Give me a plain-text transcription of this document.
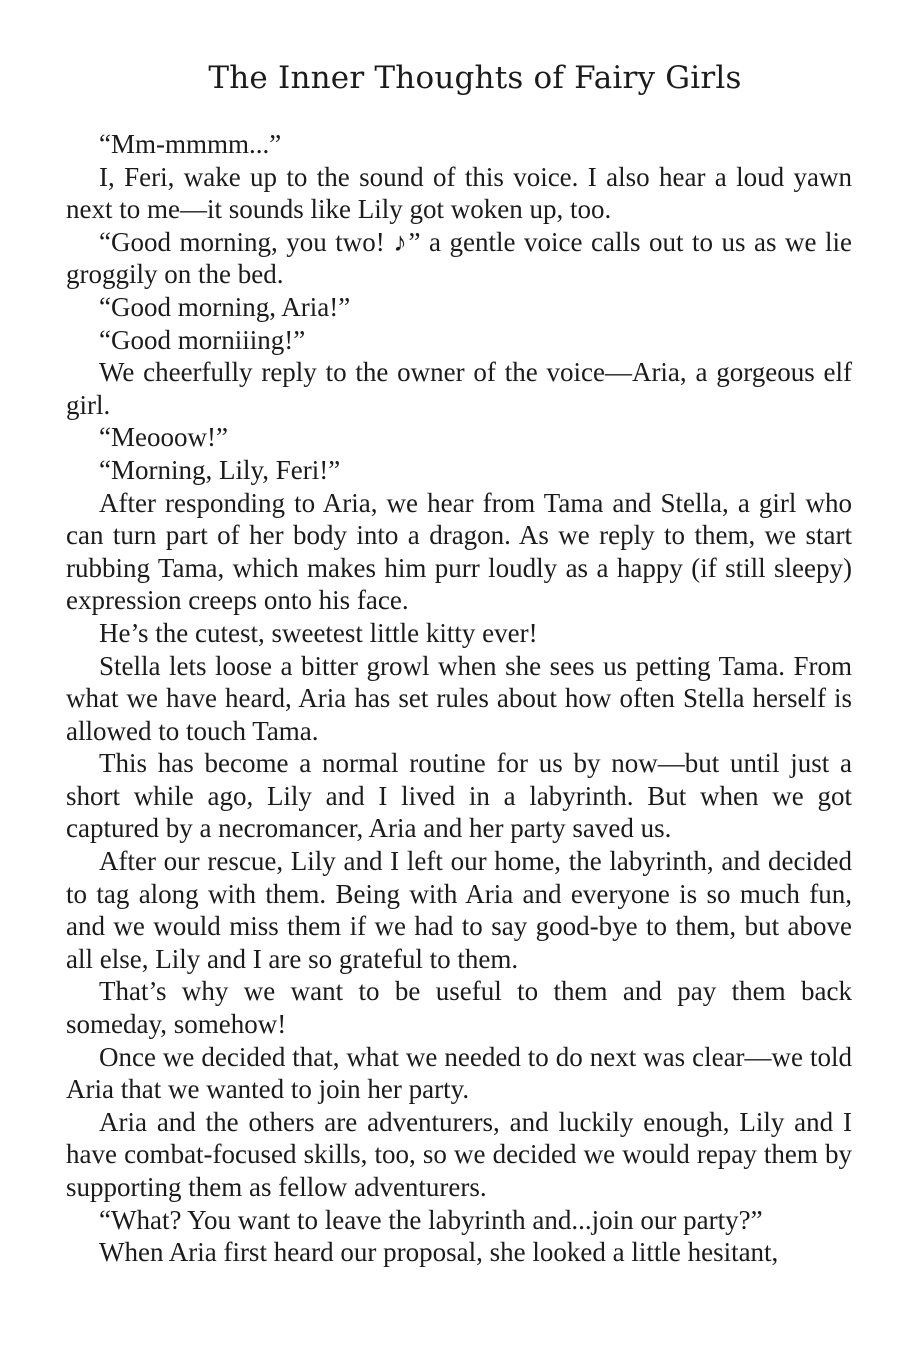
The Inner Thoughts of Fairy Girls

“Mm-mmmm...”

I, Feri, wake up to the sound of this voice. I also hear a loud yawn next to me—it sounds like Lily got woken up, too.

“Good morning, you two! ♪” a gentle voice calls out to us as we lie groggily on the bed.

“Good morning, Aria!”

“Good morniiing!”

We cheerfully reply to the owner of the voice—Aria, a gorgeous elf girl.

“Meooow!”

“Morning, Lily, Feri!”

After responding to Aria, we hear from Tama and Stella, a girl who can turn part of her body into a dragon. As we reply to them, we start rubbing Tama, which makes him purr loudly as a happy (if still sleepy) expression creeps onto his face.

He’s the cutest, sweetest little kitty ever!

Stella lets loose a bitter growl when she sees us petting Tama. From what we have heard, Aria has set rules about how often Stella herself is allowed to touch Tama.

This has become a normal routine for us by now—but until just a short while ago, Lily and I lived in a labyrinth. But when we got captured by a necromancer, Aria and her party saved us.

After our rescue, Lily and I left our home, the labyrinth, and decided to tag along with them. Being with Aria and everyone is so much fun, and we would miss them if we had to say good-bye to them, but above all else, Lily and I are so grateful to them.

That’s why we want to be useful to them and pay them back someday, somehow!

Once we decided that, what we needed to do next was clear—we told Aria that we wanted to join her party.

Aria and the others are adventurers, and luckily enough, Lily and I have combat-focused skills, too, so we decided we would repay them by supporting them as fellow adventurers.

“What? You want to leave the labyrinth and...join our party?”

When Aria first heard our proposal, she looked a little hesitant,
